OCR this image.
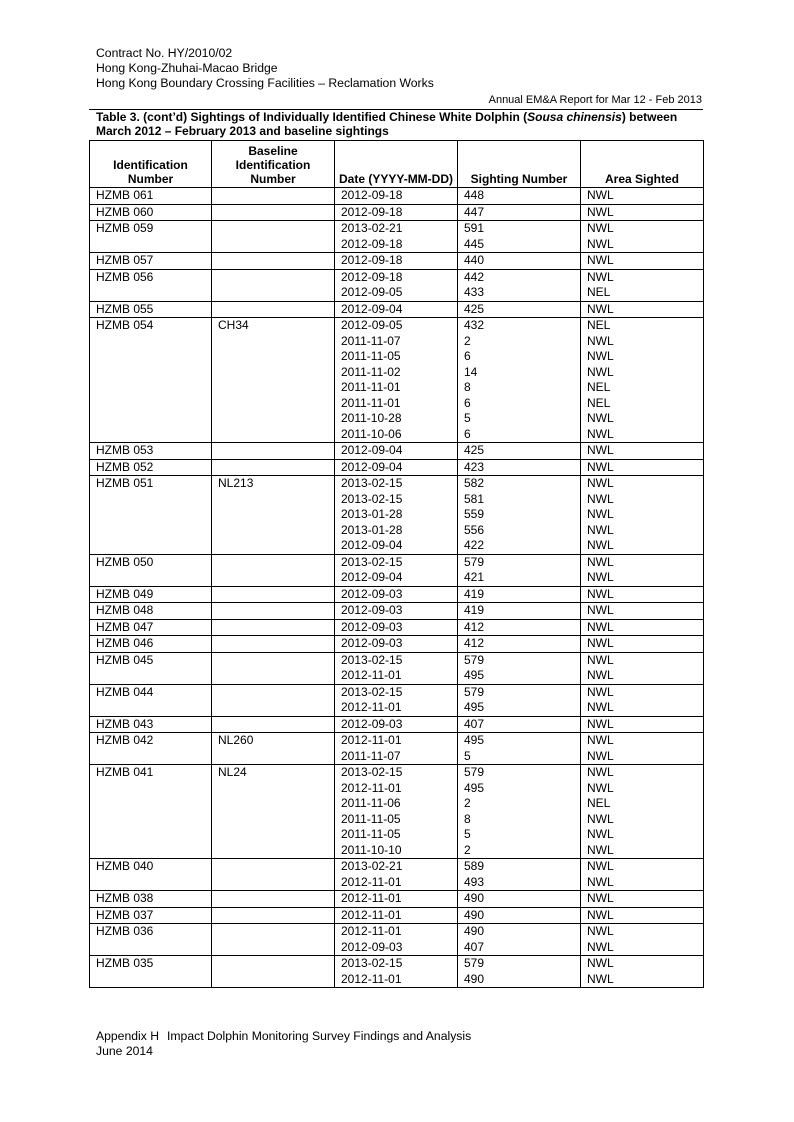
Contract No. HY/2010/02
Hong Kong-Zhuhai-Macao Bridge
Hong Kong Boundary Crossing Facilities – Reclamation Works
Annual EM&A Report for Mar 12 - Feb 2013
Table 3. (cont’d) Sightings of Individually Identified Chinese White Dolphin (Sousa chinensis) between March 2012 – February 2013 and baseline sightings
Identification Number	Baseline Identification Number	Date (YYYY-MM-DD)	Sighting Number	Area Sighted
HZMB 061		2012-09-18	448	NWL
HZMB 060		2012-09-18	447	NWL
HZMB 059		2013-02-21	591	NWL
		2012-09-18	445	NWL
HZMB 057		2012-09-18	440	NWL
HZMB 056		2012-09-18	442	NWL
		2012-09-05	433	NEL
HZMB 055		2012-09-04	425	NWL
HZMB 054	CH34	2012-09-05	432	NEL
		2011-11-07	2	NWL
		2011-11-05	6	NWL
		2011-11-02	14	NWL
		2011-11-01	8	NEL
		2011-11-01	6	NEL
		2011-10-28	5	NWL
		2011-10-06	6	NWL
HZMB 053		2012-09-04	425	NWL
HZMB 052		2012-09-04	423	NWL
HZMB 051	NL213	2013-02-15	582	NWL
		2013-02-15	581	NWL
		2013-01-28	559	NWL
		2013-01-28	556	NWL
		2012-09-04	422	NWL
HZMB 050		2013-02-15	579	NWL
		2012-09-04	421	NWL
HZMB 049		2012-09-03	419	NWL
HZMB 048		2012-09-03	419	NWL
HZMB 047		2012-09-03	412	NWL
HZMB 046		2012-09-03	412	NWL
HZMB 045		2013-02-15	579	NWL
		2012-11-01	495	NWL
HZMB 044		2013-02-15	579	NWL
		2012-11-01	495	NWL
HZMB 043		2012-09-03	407	NWL
HZMB 042	NL260	2012-11-01	495	NWL
		2011-11-07	5	NWL
HZMB 041	NL24	2013-02-15	579	NWL
		2012-11-01	495	NWL
		2011-11-06	2	NEL
		2011-11-05	8	NWL
		2011-11-05	5	NWL
		2011-10-10	2	NWL
HZMB 040		2013-02-21	589	NWL
		2012-11-01	493	NWL
HZMB 038		2012-11-01	490	NWL
HZMB 037		2012-11-01	490	NWL
HZMB 036		2012-11-01	490	NWL
		2012-09-03	407	NWL
HZMB 035		2013-02-15	579	NWL
		2012-11-01	490	NWL
Appendix H Impact Dolphin Monitoring Survey Findings and Analysis
June 2014
